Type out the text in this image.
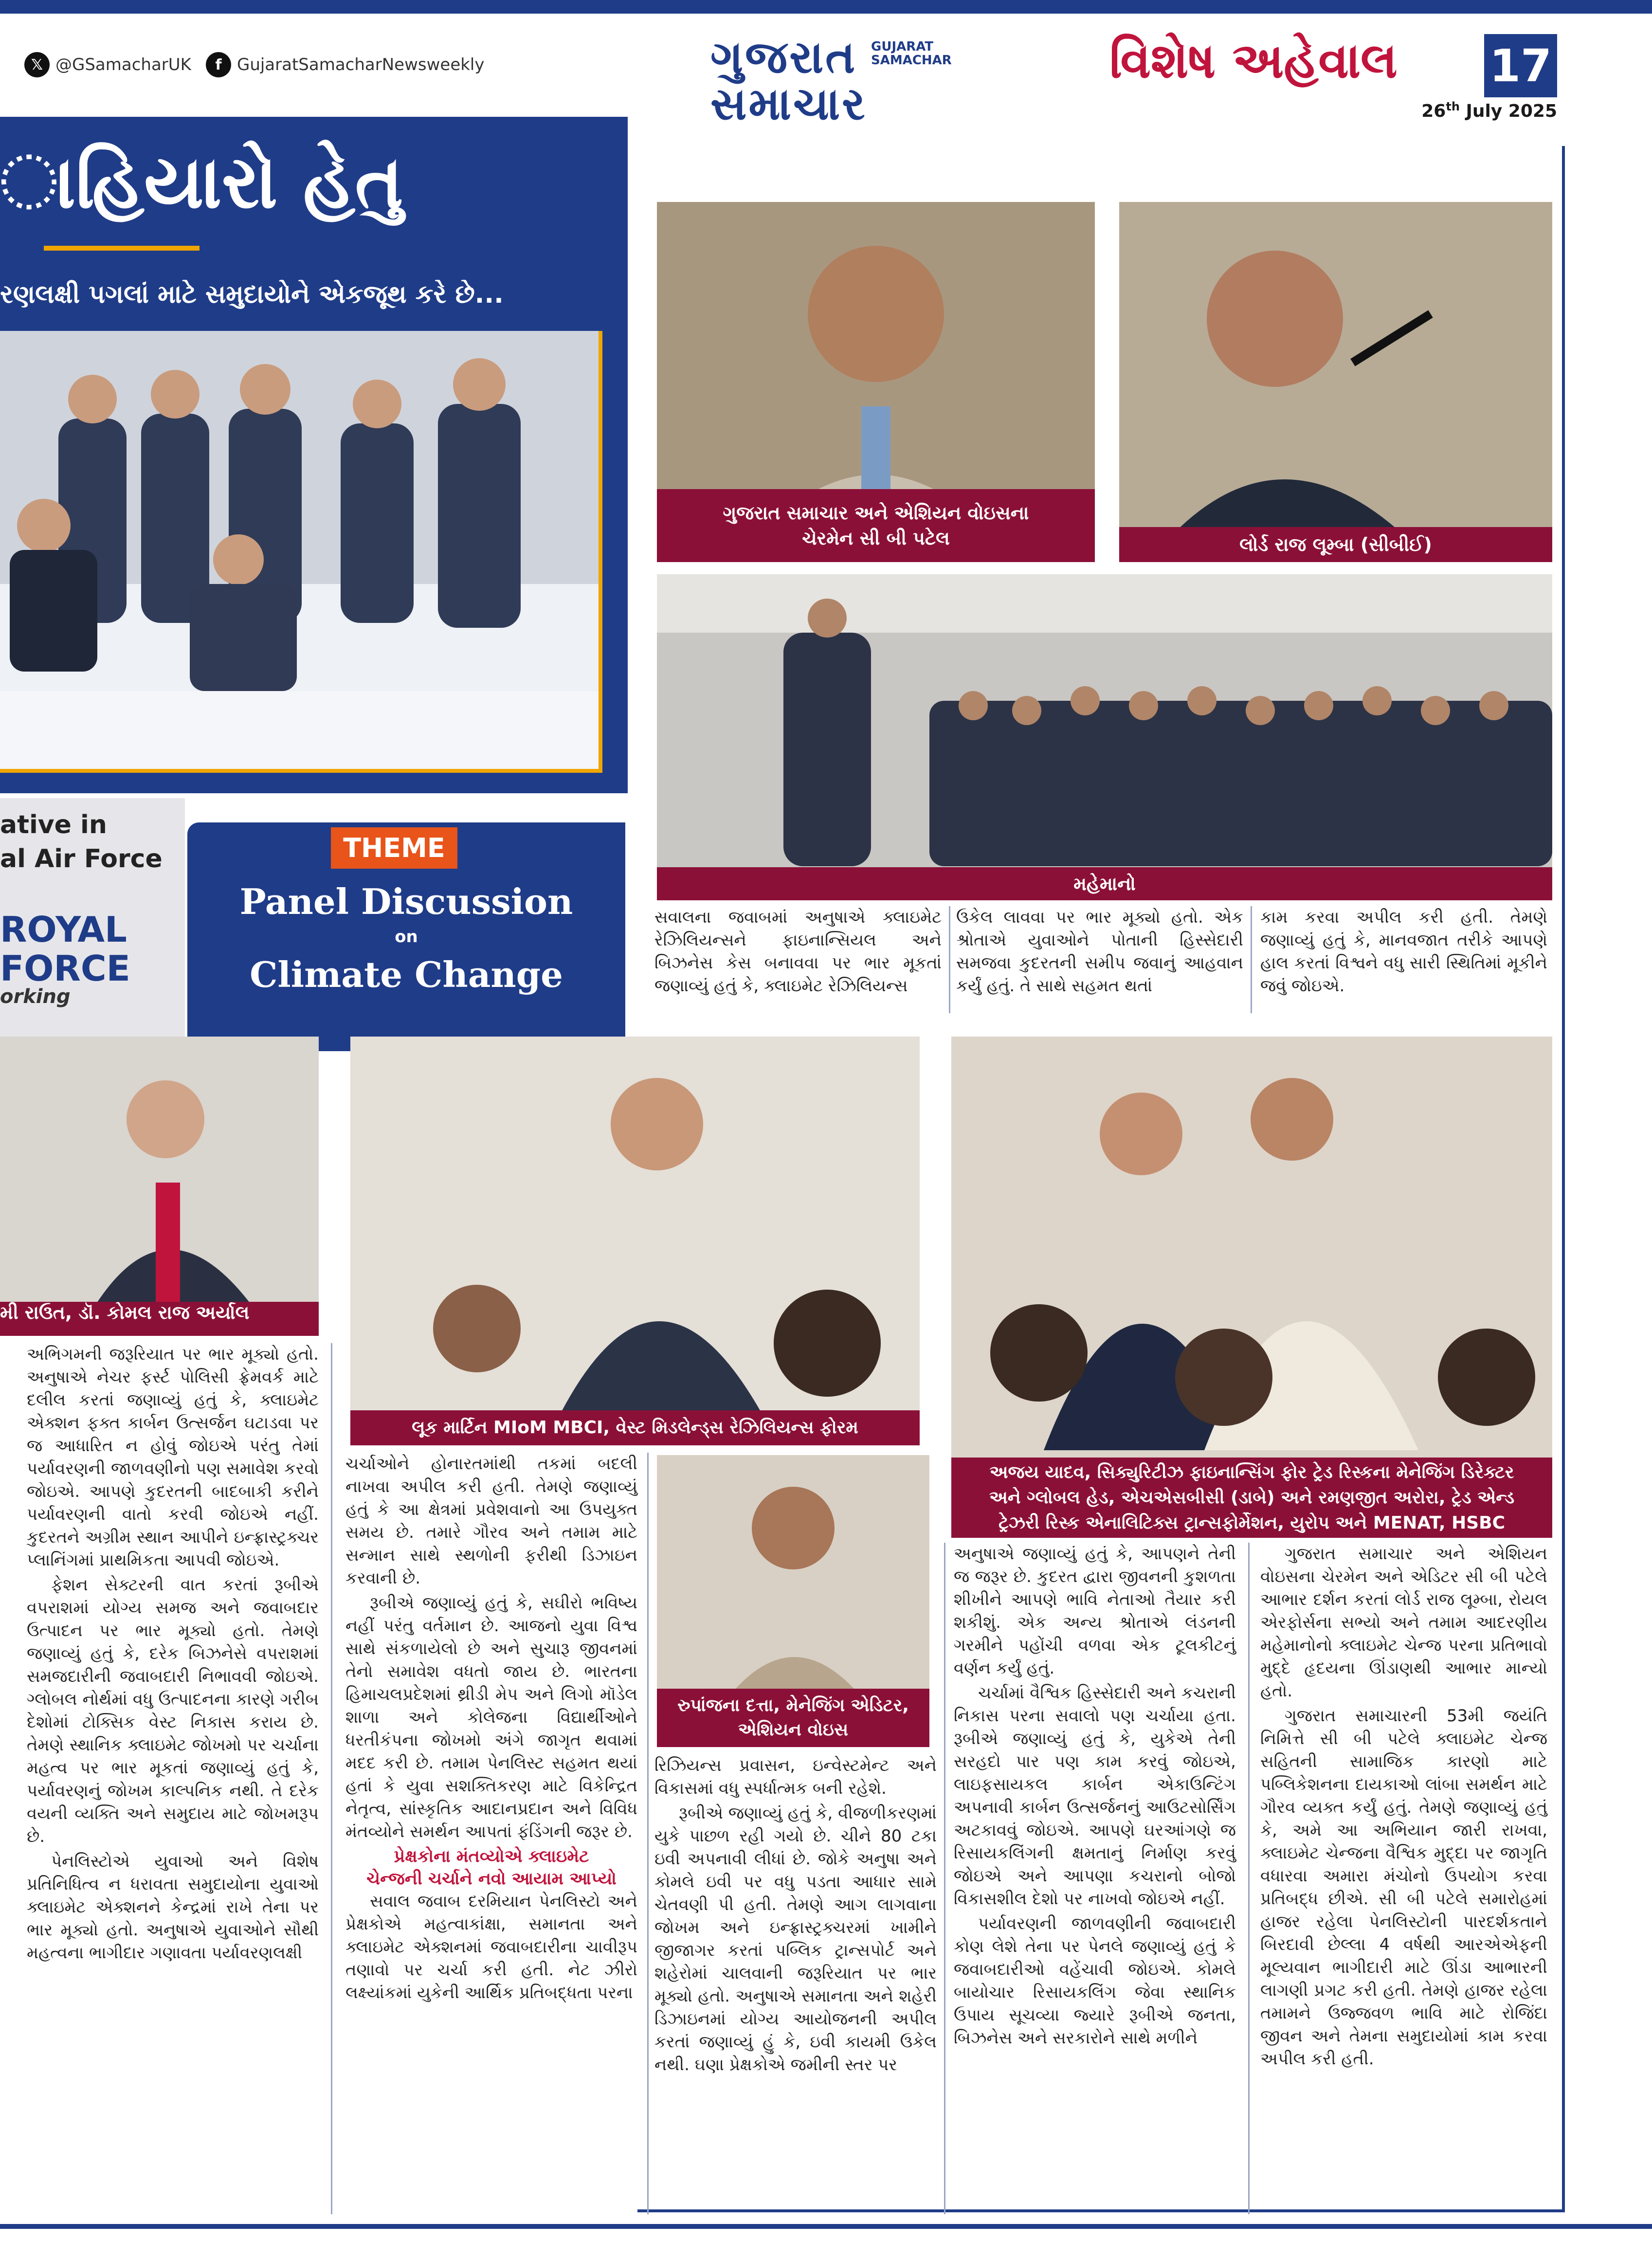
𝕏 @GSamacharUK	f GujaratSamacharNewsweekly	ગુજરાત સમાચાર
GUJARAT
SAMACHAR	વિશેષ અહેવાલ	17
26th July 2025
ાહિયારો હેતુ
રણલક્ષી પગલાં માટે સમુદાયોને એકજૂથ કરે છે...
ative in
al Air Force
ROYAL
FORCE
orking
THEME
Panel Discussion
on
Climate Change
ગુજરાત સમાચાર અને એશિયન વોઇસના
ચેરમેન સી બી પટેલ	લોર્ડ રાજ લૂમ્બા (સીબીઈ)
મહેમાનો

સવાલના જવાબમાં અનુષાએ ક્લાઇમેટ રેઝિલિયન્સને ફાઇનાન્સિયલ અને બિઝનેસ કેસ બનાવવા પર ભાર મૂકતાં જણાવ્યું હતું કે, ક્લાઇમેટ રેઝિલિયન્સ

ઉકેલ લાવવા પર ભાર મૂક્યો હતો. એક શ્રોતાએ યુવાઓને પોતાની હિસ્સેદારી સમજવા કુદરતની સમીપ જવાનું આહવાન કર્યું હતું. તે સાથે સહમત થતાં

કામ કરવા અપીલ કરી હતી. તેમણે જણાવ્યું હતું કે, માનવજાત તરીકે આપણે હાલ કરતાં વિશ્વને વધુ સારી સ્થિતિમાં મૂકીને જવું જોઇએ.

મી રાઉત, ડૉ. કોમલ રાજ અર્યાલ
લૂક માર્ટિન MIoM MBCI, વેસ્ટ મિડલેન્ડ્સ રેઝિલિયન્સ ફોરમ
અજય યાદવ, સિક્યુરિટીઝ ફાઇનાન્સિંગ ફોર ટ્રેડ રિસ્કના મેનેજિંગ ડિરેક્ટર
અને ગ્લોબલ હેડ, એચએસબીસી (ડાબે) અને રમણજીત અરોરા, ટ્રેડ એન્ડ
ટ્રેઝરી રિસ્ક એનાલિટિક્સ ટ્રાન્સફોર્મેશન, યુરોપ અને MENAT, HSBC
રુપાંજના દત્તા, મેનેજિંગ એડિટર,
એશિયન વોઇસ

અભિગમની જરૂરિયાત પર ભાર મૂક્યો હતો. અનુષાએ નેચર ફર્સ્ટ પોલિસી ફ્રેમવર્ક માટે દલીલ કરતાં જણાવ્યું હતું કે, ક્લાઇમેટ એક્શન ફક્ત કાર્બન ઉત્સર્જન ઘટાડવા પર જ આધારિત ન હોવું જોઇએ પરંતુ તેમાં પર્યાવરણની જાળવણીનો પણ સમાવેશ કરવો જોઇએ. આપણે કુદરતની બાદબાકી કરીને પર્યાવરણની વાતો કરવી જોઇએ નહીં. કુદરતને અગ્રીમ સ્થાન આપીને ઇન્ફ્રાસ્ટ્રક્ચર પ્લાનિંગમાં પ્રાથમિકતા આપવી જોઇએ.

ફેશન સેક્ટરની વાત કરતાં રૂબીએ વપરાશમાં યોગ્ય સમજ અને જવાબદાર ઉત્પાદન પર ભાર મૂક્યો હતો. તેમણે જણાવ્યું હતું કે, દરેક બિઝનેસે વપરાશમાં સમજદારીની જવાબદારી નિભાવવી જોઇએ. ગ્લોબલ નોર્થમાં વધુ ઉત્પાદનના કારણે ગરીબ દેશોમાં ટોક્સિક વેસ્ટ નિકાસ કરાય છે. તેમણે સ્થાનિક ક્લાઇમેટ જોખમો પર ચર્ચાના મહત્વ પર ભાર મૂકતાં જણાવ્યું હતું કે, પર્યાવરણનું જોખમ કાલ્પનિક નથી. તે દરેક વયની વ્યક્તિ અને સમુદાય માટે જોખમરૂપ છે.

પેનલિસ્ટોએ યુવાઓ અને વિશેષ પ્રતિનિધિત્વ ન ધરાવતા સમુદાયોના યુવાઓ ક્લાઇમેટ એક્શનને કેન્દ્રમાં રાખે તેના પર ભાર મૂક્યો હતો. અનુષાએ યુવાઓને સૌથી મહત્વના ભાગીદાર ગણાવતા પર્યાવરણલક્ષી

ચર્ચાઓને હોનારતમાંથી તકમાં બદલી નાખવા અપીલ કરી હતી. તેમણે જણાવ્યું હતું કે આ ક્ષેત્રમાં પ્રવેશવાનો આ ઉપયુક્ત સમય છે. તમારે ગૌરવ અને તમામ માટે સન્માન સાથે સ્થળોની ફરીથી ડિઝાઇન કરવાની છે.

રૂબીએ જણાવ્યું હતું કે, સઘીરો ભવિષ્ય નહીં પરંતુ વર્તમાન છે. આજનો યુવા વિશ્વ સાથે સંકળાયેલો છે અને સુચારૂ જીવનમાં તેનો સમાવેશ વધતો જાય છે. ભારતના હિમાચલપ્રદેશમાં થ્રીડી મેપ અને લિગો મૉડેલ શાળા અને કોલેજના વિદ્યાર્થીઓને ધરતીકંપના જોખમો અંગે જાગૃત થવામાં મદદ કરી છે. તમામ પેનલિસ્ટ સહમત થયાં હતાં કે યુવા સશક્તિકરણ માટે વિકેન્દ્રિત નેતૃત્વ, સાંસ્કૃતિક આદાનપ્રદાન અને વિવિધ મંતવ્યોને સમર્થન આપતાં ફંડિંગની જરૂર છે.

પ્રેક્ષકોના મંતવ્યોએ ક્લાઇમેટ
ચેન્જની ચર્ચાને નવો આયામ આપ્યો

સવાલ જવાબ દરમિયાન પેનલિસ્ટો અને પ્રેક્ષકોએ મહત્વાકાંક્ષા, સમાનતા અને ક્લાઇમેટ એક્શનમાં જવાબદારીના ચાવીરૂપ તણાવો પર ચર્ચા કરી હતી. નેટ ઝીરો લક્ષ્યાંકમાં યુકેની આર્થિક પ્રતિબદ્ધતા પરના

રિઝિયન્સ પ્રવાસન, ઇન્વેસ્ટમેન્ટ અને વિકાસમાં વધુ સ્પર્ધાત્મક બની રહેશે.

રૂબીએ જણાવ્યું હતું કે, વીજળીકરણમાં યુકે પાછળ રહી ગયો છે. ચીને 80 ટકા ઇવી અપનાવી લીધાં છે. જોકે અનુષા અને કોમલે ઇવી પર વધુ પડતા આધાર સામે ચેતવણી પી હતી. તેમણે આગ લાગવાના જોખમ અને ઇન્ફ્રાસ્ટ્રક્ચરમાં ખામીને જીજાગર કરતાં પબ્લિક ટ્રાન્સપોર્ટ અને શહેરોમાં ચાલવાની જરૂરિયાત પર ભાર મૂક્યો હતો. અનુષાએ સમાનતા અને શહેરી ડિઝાઇનમાં યોગ્ય આયોજનની અપીલ કરતાં જણાવ્યું હું કે, ઇવી કાયમી ઉકેલ નથી. ઘણા પ્રેક્ષકોએ જમીની સ્તર પર

અનુષાએ જણાવ્યું હતું કે, આપણને તેની જ જરૂર છે. કુદરત દ્વારા જીવનની કુશળતા શીખીને આપણે ભાવિ નેતાઓ તૈયાર કરી શકીશું. એક અન્ય શ્રોતાએ લંડનની ગરમીને પહોંચી વળવા એક ટૂલકીટનું વર્ણન કર્યું હતું.

ચર્ચામાં વૈશ્વિક હિસ્સેદારી અને કચરાની નિકાસ પરના સવાલો પણ ચર્ચાયા હતા. રૂબીએ જણાવ્યું હતું કે, યુકેએ તેની સરહદો પાર પણ કામ કરવું જોઇએ, લાઇફસાયકલ કાર્બન એકાઉન્ટિંગ અપનાવી કાર્બન ઉત્સર્જનનું આઉટસોર્સિંગ અટકાવવું જોઇએ. આપણે ઘરઆંગણે જ રિસાયકલિંગની ક્ષમતાનું નિર્માણ કરવું જોઇએ અને આપણા કચરાનો બોજો વિકાસશીલ દેશો પર નાખવો જોઇએ નહીં.

પર્યાવરણની જાળવણીની જવાબદારી કોણ લેશે તેના પર પેનલે જણાવ્યું હતું કે જવાબદારીઓ વહેંચાવી જોઇએ. કોમલે બાયોચાર રિસાયકલિંગ જેવા સ્થાનિક ઉપાય સૂચવ્યા જ્યારે રૂબીએ જનતા, બિઝનેસ અને સરકારોને સાથે મળીને

ગુજરાત સમાચાર અને એશિયન વોઇસના ચેરમેન અને એડિટર સી બી પટેલે આભાર દર્શન કરતાં લોર્ડ રાજ લૂમ્બા, રોયલ એરફોર્સના સભ્યો અને તમામ આદરણીય મહેમાનોનો ક્લાઇમેટ ચેન્જ પરના પ્રતિભાવો મુદ્દે હૃદયના ઊંડાણથી આભાર માન્યો હતો.

ગુજરાત સમાચારની 53મી જયંતિ નિમિત્તે સી બી પટેલે ક્લાઇમેટ ચેન્જ સહિતની સામાજિક કારણો માટે પબ્લિકેશનના દાયકાઓ લાંબા સમર્થન માટે ગૌરવ વ્યક્ત કર્યું હતું. તેમણે જણાવ્યું હતું કે, અમે આ અભિયાન જારી રાખવા, ક્લાઇમેટ ચેન્જના વૈશ્વિક મુદ્દા પર જાગૃતિ વધારવા અમારા મંચોનો ઉપયોગ કરવા પ્રતિબદ્ધ છીએ. સી બી પટેલે સમારોહમાં હાજર રહેલા પેનલિસ્ટોની પારદર્શકતાને બિરદાવી છેલ્લા 4 વર્ષથી આરએએફની મૂલ્યવાન ભાગીદારી માટે ઊંડા આભારની લાગણી પ્રગટ કરી હતી. તેમણે હાજર રહેલા તમામને ઉજ્જવળ ભાવિ માટે રોજિંદા જીવન અને તેમના સમુદાયોમાં કામ કરવા અપીલ કરી હતી.
